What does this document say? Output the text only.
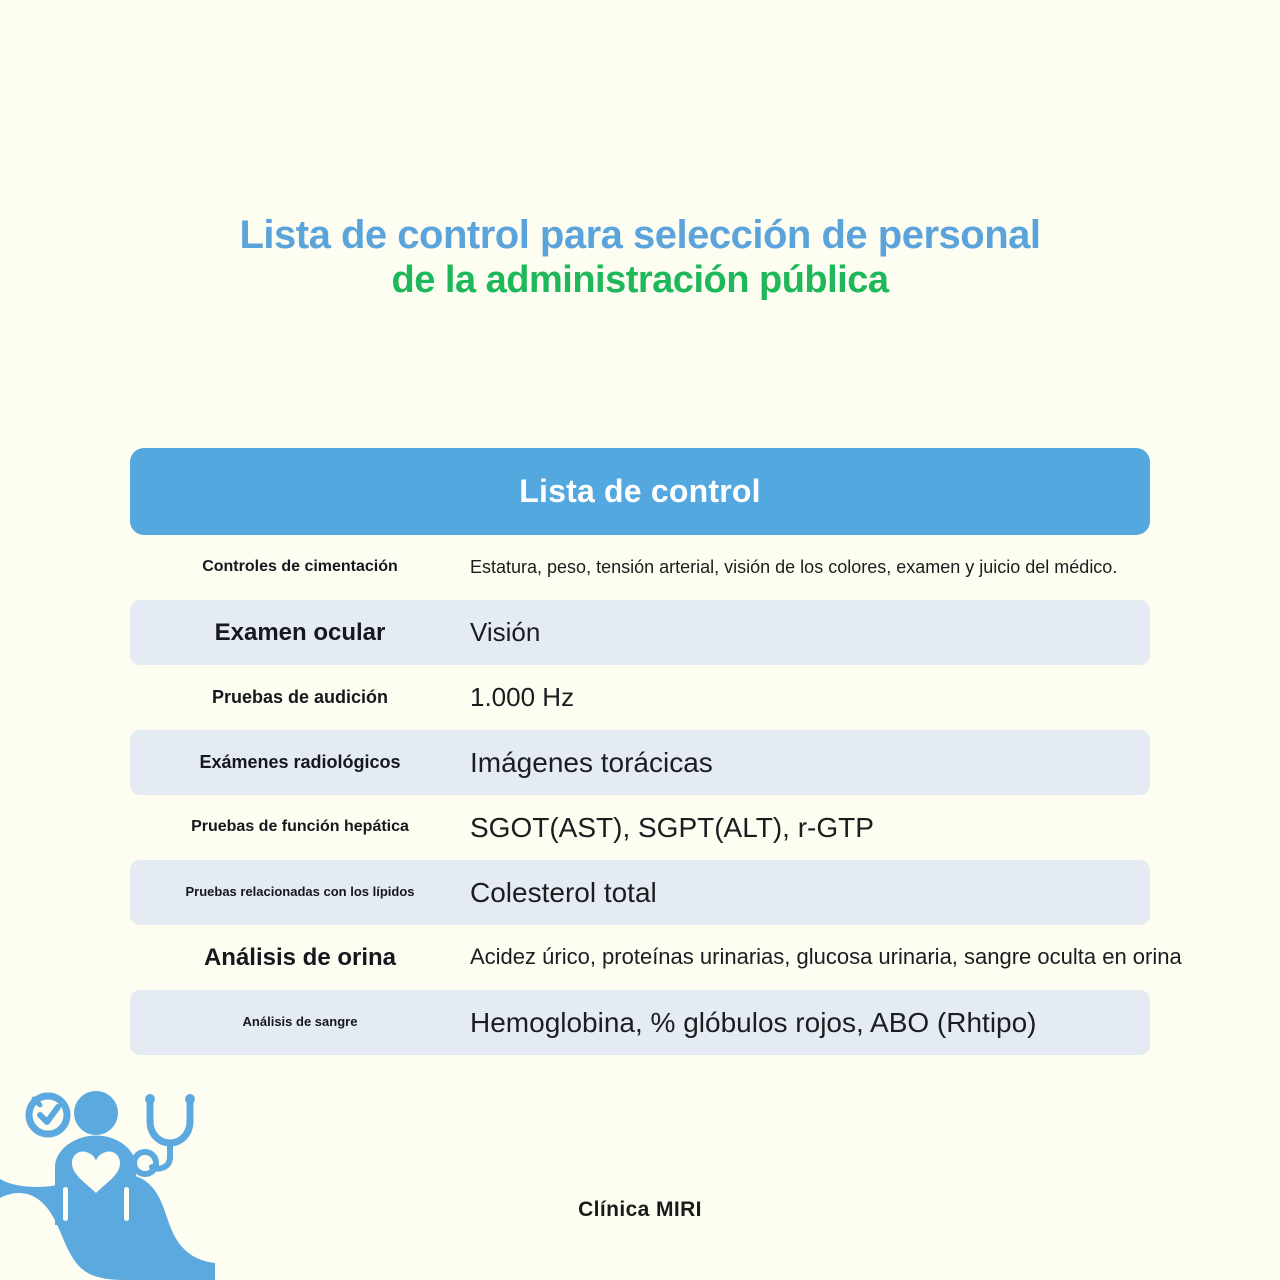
Lista de control para selección de personal
de la administración pública
Lista de control
Controles de cimentación	Estatura, peso, tensión arterial, visión de los colores, examen y juicio del médico.
Examen ocular	Visión
Pruebas de audición	1.000 Hz
Exámenes radiológicos	Imágenes torácicas
Pruebas de función hepática	SGOT(AST), SGPT(ALT), r-GTP
Pruebas relacionadas con los lípidos	Colesterol total
Análisis de orina	Acidez úrico, proteínas urinarias, glucosa urinaria, sangre oculta en orina
Análisis de sangre	Hemoglobina, % glóbulos rojos, ABO (Rhtipo)
Clínica MIRI
